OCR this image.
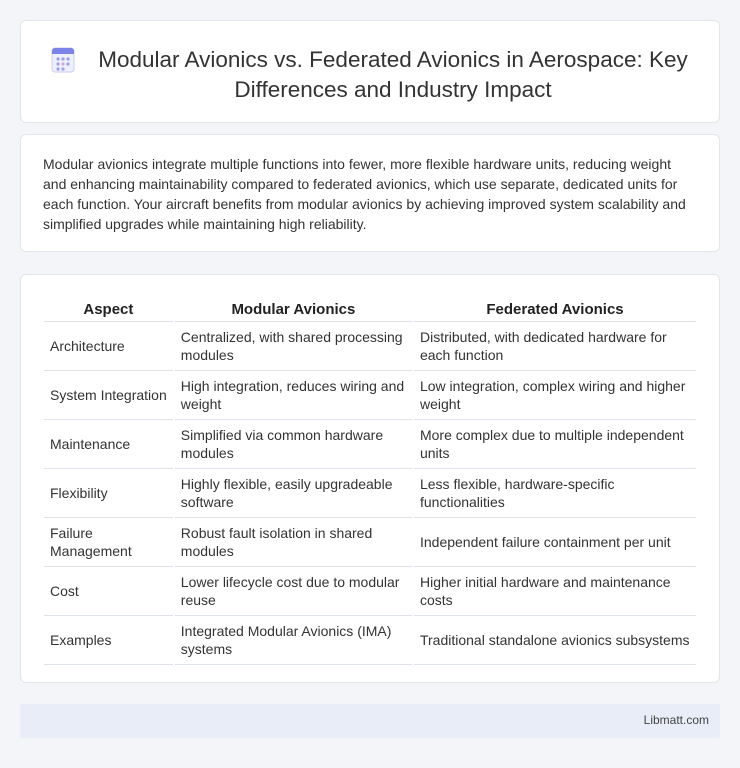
Modular Avionics vs. Federated Avionics in Aerospace: Key Differences and Industry Impact

Modular avionics integrate multiple functions into fewer, more flexible hardware units, reducing weight and enhancing maintainability compared to federated avionics, which use separate, dedicated units for each function. Your aircraft benefits from modular avionics by achieving improved system scalability and simplified upgrades while maintaining high reliability.

Aspect	Modular Avionics	Federated Avionics
Architecture	Centralized, with shared processing modules	Distributed, with dedicated hardware for each function
System Integration	High integration, reduces wiring and weight	Low integration, complex wiring and higher weight
Maintenance	Simplified via common hardware modules	More complex due to multiple independent units
Flexibility	Highly flexible, easily upgradeable software	Less flexible, hardware-specific functionalities
Failure Management	Robust fault isolation in shared modules	Independent failure containment per unit
Cost	Lower lifecycle cost due to modular reuse	Higher initial hardware and maintenance costs
Examples	Integrated Modular Avionics (IMA) systems	Traditional standalone avionics subsystems
Libmatt.com
